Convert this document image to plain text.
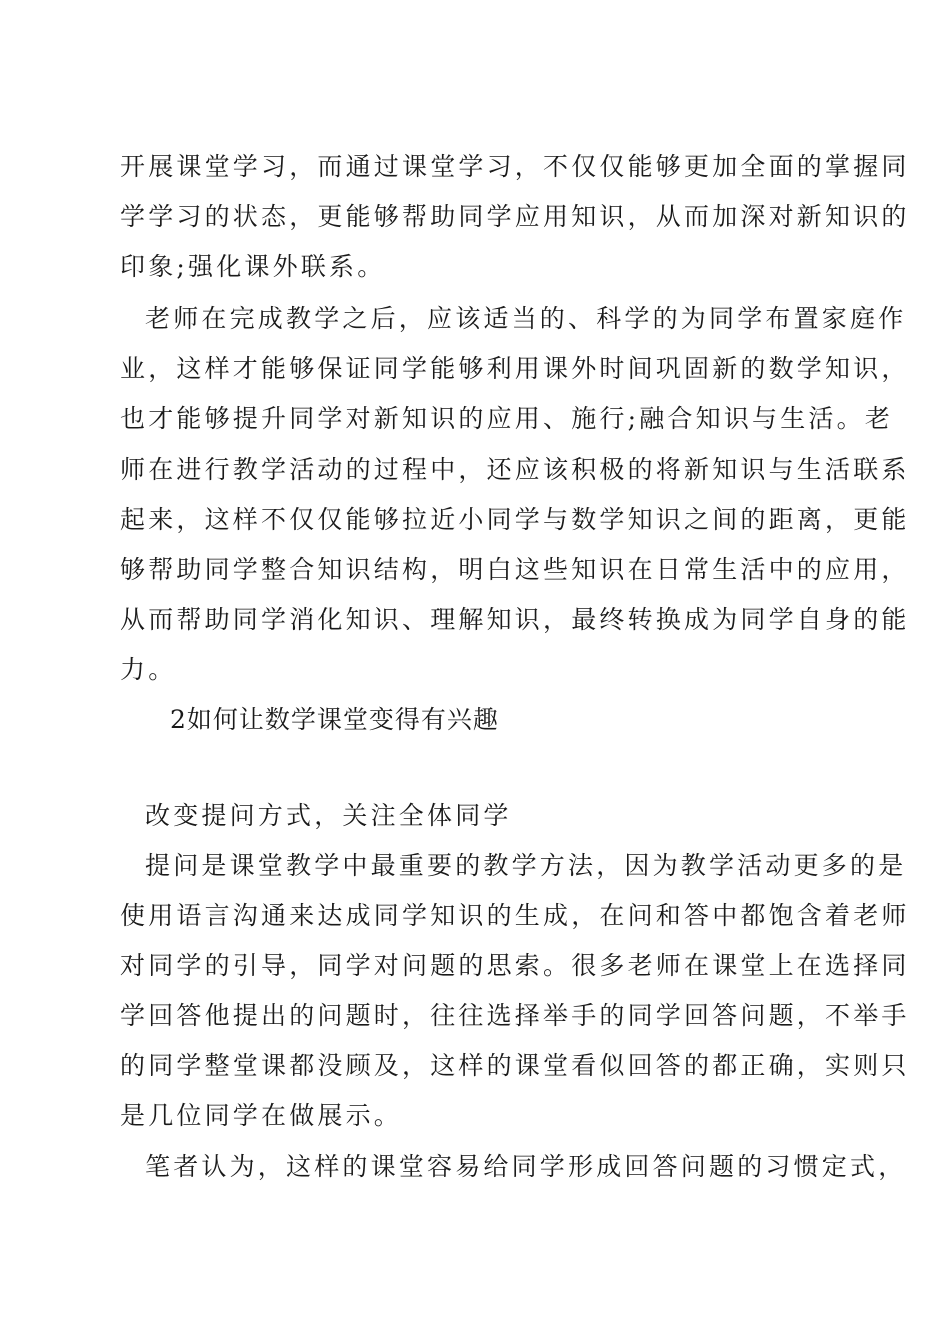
开展课堂学习，而通过课堂学习，不仅仅能够更加全面的掌握同
学学习的状态，更能够帮助同学应用知识，从而加深对新知识的
印象;强化课外联系。
老师在完成教学之后，应该适当的、科学的为同学布置家庭作
业，这样才能够保证同学能够利用课外时间巩固新的数学知识，
也才能够提升同学对新知识的应用、施行;融合知识与生活。老
师在进行教学活动的过程中，还应该积极的将新知识与生活联系
起来，这样不仅仅能够拉近小同学与数学知识之间的距离，更能
够帮助同学整合知识结构，明白这些知识在日常生活中的应用，
从而帮助同学消化知识、理解知识，最终转换成为同学自身的能
力。
2如何让数学课堂变得有兴趣
改变提问方式，关注全体同学
提问是课堂教学中最重要的教学方法，因为教学活动更多的是
使用语言沟通来达成同学知识的生成，在问和答中都饱含着老师
对同学的引导，同学对问题的思索。很多老师在课堂上在选择同
学回答他提出的问题时，往往选择举手的同学回答问题，不举手
的同学整堂课都没顾及，这样的课堂看似回答的都正确，实则只
是几位同学在做展示。
笔者认为，这样的课堂容易给同学形成回答问题的习惯定式，
